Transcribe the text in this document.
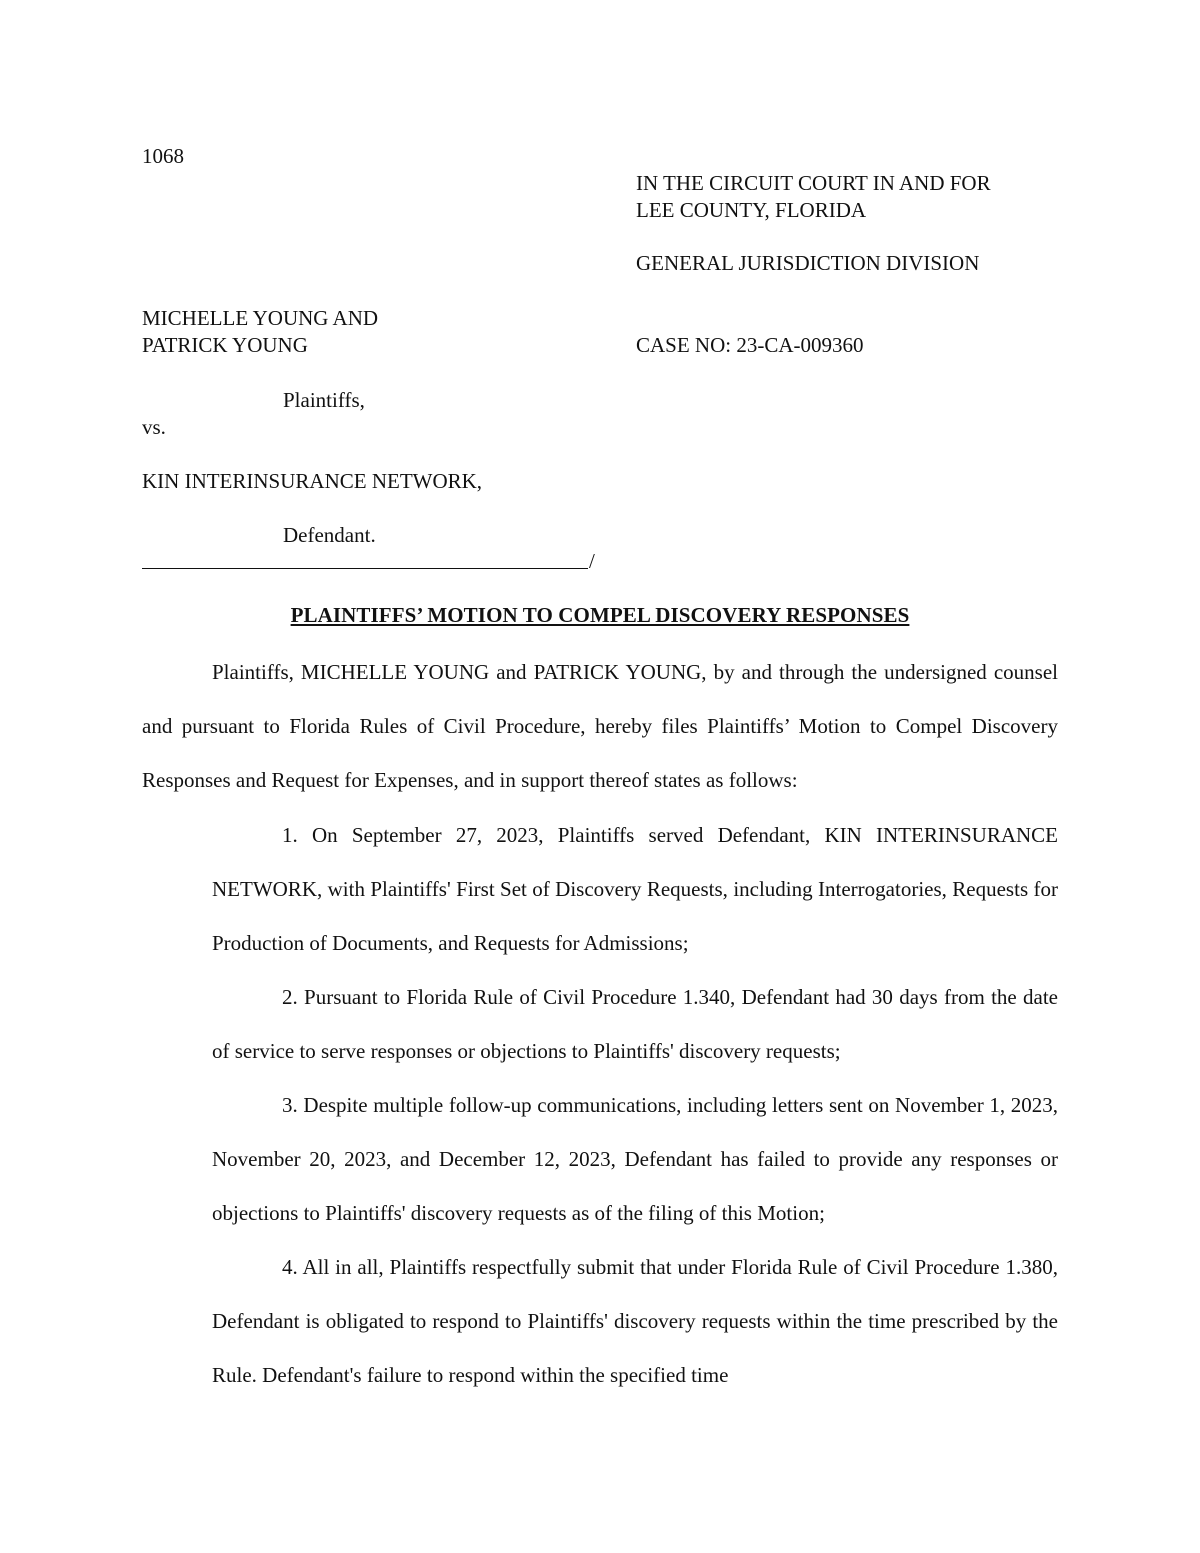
1068
IN THE CIRCUIT COURT IN AND FOR
LEE COUNTY, FLORIDA
GENERAL JURISDICTION DIVISION
MICHELLE YOUNG AND
PATRICK YOUNG	CASE NO: 23-CA-009360
Plaintiffs,
vs.
KIN INTERINSURANCE NETWORK,
Defendant.
/
PLAINTIFFS’ MOTION TO COMPEL DISCOVERY RESPONSES
Plaintiffs, MICHELLE YOUNG and PATRICK YOUNG, by and through the undersigned counsel and pursuant to Florida Rules of Civil Procedure, hereby files Plaintiffs’ Motion to Compel Discovery Responses and Request for Expenses, and in support thereof states as follows:
1. On September 27, 2023, Plaintiffs served Defendant, KIN INTERINSURANCE NETWORK, with Plaintiffs' First Set of Discovery Requests, including Interrogatories, Requests for Production of Documents, and Requests for Admissions;
2. Pursuant to Florida Rule of Civil Procedure 1.340, Defendant had 30 days from the date of service to serve responses or objections to Plaintiffs' discovery requests;
3. Despite multiple follow-up communications, including letters sent on November 1, 2023, November 20, 2023, and December 12, 2023, Defendant has failed to provide any responses or objections to Plaintiffs' discovery requests as of the filing of this Motion;
4. All in all, Plaintiffs respectfully submit that under Florida Rule of Civil Procedure 1.380, Defendant is obligated to respond to Plaintiffs' discovery requests within the time prescribed by the Rule. Defendant's failure to respond within the specified time
